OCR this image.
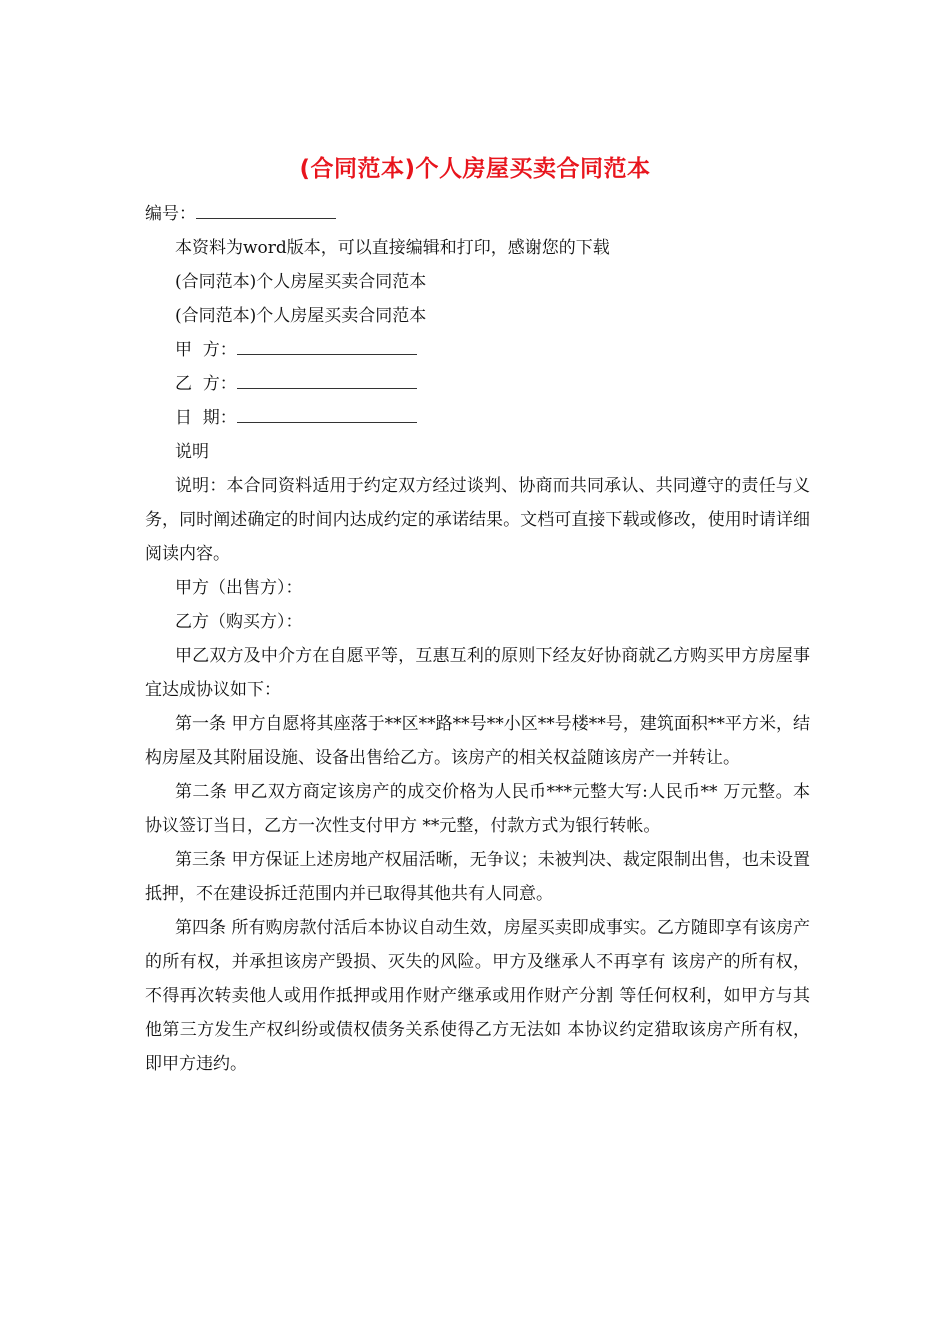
(合同范本)个人房屋买卖合同范本

编号：

本资料为word版本，可以直接编辑和打印，感谢您的下载

(合同范本)个人房屋买卖合同范本

(合同范本)个人房屋买卖合同范本

甲  方：

乙  方：

日  期：

说明

说明：本合同资料适用于约定双方经过谈判、协商而共同承认、共同遵守的责任与义务，同时阐述确定的时间内达成约定的承诺结果。文档可直接下载或修改，使用时请详细阅读内容。

甲方（出售方）：

乙方（购买方）：

甲乙双方及中介方在自愿平等，互惠互利的原则下经友好协商就乙方购买甲方房屋事宜达成协议如下：

第一条 甲方自愿将其座落于**区**路**号**小区**号楼**号，建筑面积**平方米，结构房屋及其附届设施、设备出售给乙方。该房产的相关权益随该房产一并转让。

第二条 甲乙双方商定该房产的成交价格为人民币***元整大写:人民币** 万元整。本协议签订当日，乙方一次性支付甲方 **元整，付款方式为银行转帐。

第三条 甲方保证上述房地产权届活晰，无争议；未被判决、裁定限制出售，也未设置抵押，不在建设拆迁范围内并已取得其他共有人同意。

第四条 所有购房款付活后本协议自动生效，房屋买卖即成事实。乙方随即享有该房产的所有权，并承担该房产毁损、灭失的风险。甲方及继承人不再享有 该房产的所有权，不得再次转卖他人或用作抵押或用作财产继承或用作财产分割 等任何权利，如甲方与其他第三方发生产权纠纷或债权债务关系使得乙方无法如 本协议约定猎取该房产所有权，即甲方违约。
